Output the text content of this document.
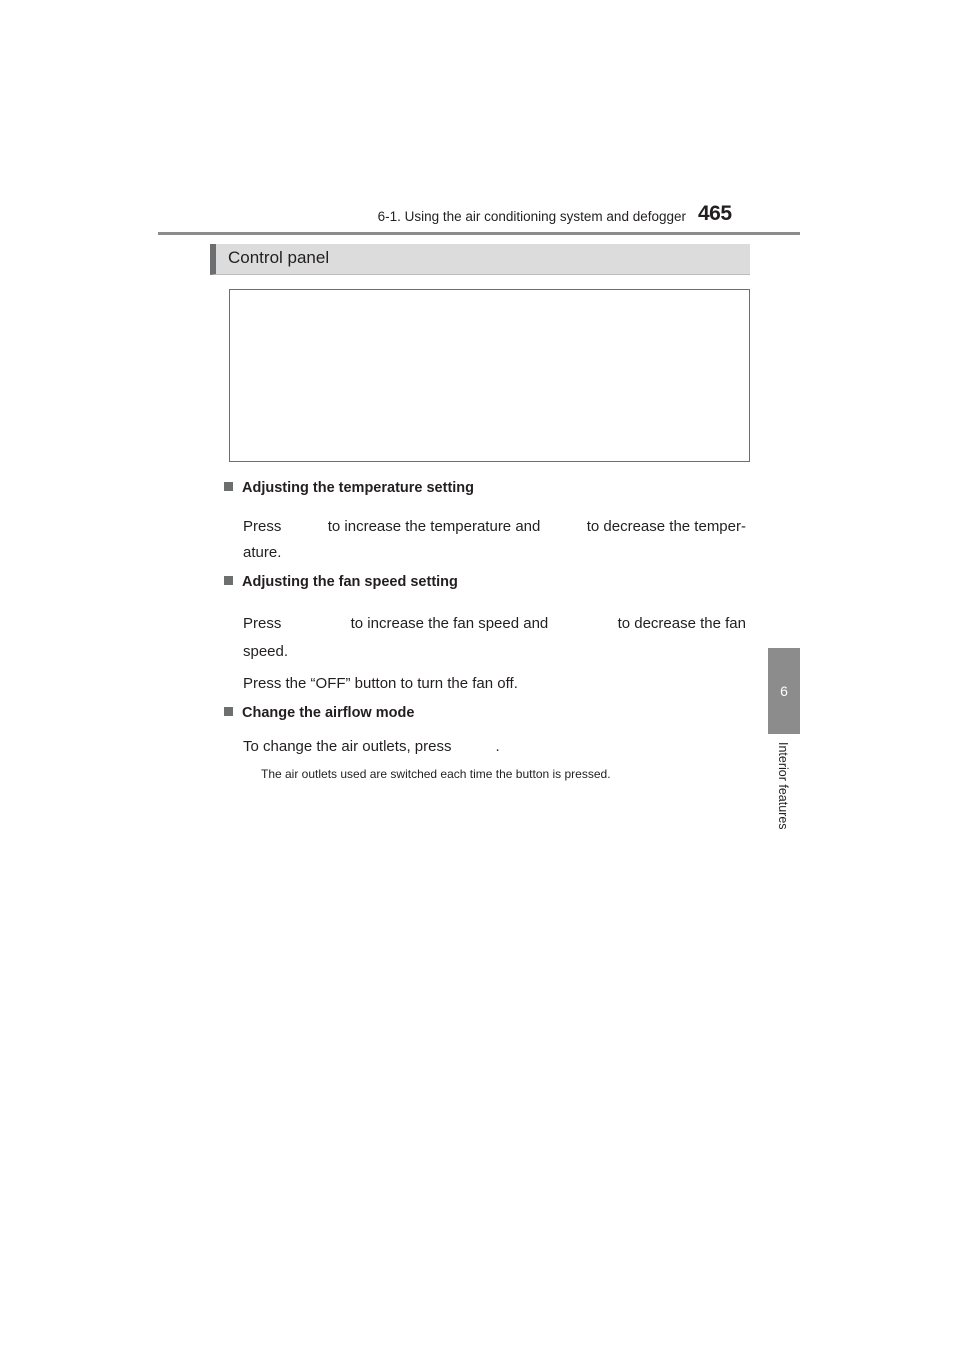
6-1. Using the air conditioning system and defogger 465
6
Interior features
Control panel
Adjusting the temperature setting
Press	to increase the temperature and	to decrease the temper-
ature.
Adjusting the fan speed setting
Press	to increase the fan speed and	to decrease the fan
speed.
Press the “OFF” button to turn the fan off.
Change the airflow mode
To change the air outlets, press	.
The air outlets used are switched each time the button is pressed.
